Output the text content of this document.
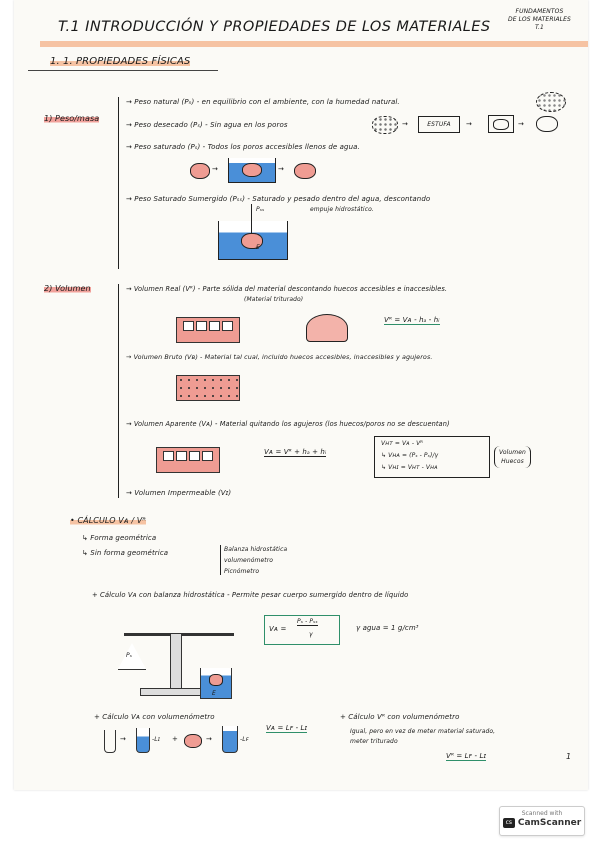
T.1 INTRODUCCIÓN Y PROPIEDADES DE LOS MATERIALES
FUNDAMENTOS
DE LOS MATERIALES
T.1
1. 1. PROPIEDADES FÍSICAS
1) Peso/masa
→ Peso natural (Pₙ) - en equilibrio con el ambiente, con la humedad natural.
→ Peso desecado (Pₛ) - Sin agua en los poros	→	ESTUFA	→	→
→ Peso saturado (Pₛ) - Todos los poros accesibles llenos de agua.
→	→
→ Peso Saturado Sumergido (Pₛₛ) - Saturado y pesado dentro del agua, descontando
empuje hidrostático.
Pₛₛ
E
2) Volumen	→ Volumen Real (Vᴿ) - Parte sólida del material descontando huecos accesibles e inaccesibles.
(Material triturado)
Vᴿ = Vᴀ - hₐ - hᵢ
→ Volumen Bruto (Vʙ) - Material tal cual, incluido huecos accesibles, inaccesibles y agujeros.
→ Volumen Aparente (Vᴀ) - Material quitando los agujeros (los huecos/poros no se descuentan)
Vᴀ = Vᴿ + hₐ + hᵢ
Vʜᴛ = Vᴀ - Vᴿ
↳ Vʜᴀ = (Pₛ - Pₛ)/γ
↳ Vʜɪ = Vʜᴛ - Vʜᴀ
Volumen
Huecos
→ Volumen Impermeable (Vɪ)
• CÁLCULO Vᴀ / Vᴿ
↳ Forma geométrica
↳ Sin forma geométrica	Balanza hidrostática
volumenómetro
Picnómetro
+ Cálculo Vᴀ con balanza hidrostática - Permite pesar cuerpo sumergido dentro de líquido
Pₛ
E
Vᴀ =
Pₛ - Pₛₛ
γ
γ agua = 1 g/cm³
+ Cálculo Vᴀ con volumenómetro
Vᴀ = Lꜰ - Lɪ
+ Cálculo Vᴿ con volumenómetro
Igual, pero en vez de meter material saturado,
meter triturado
Vᴿ = Lꜰ - Lɪ
→	-Lɪ +	→	-Lꜰ
1
Scanned with
cs CamScanner
